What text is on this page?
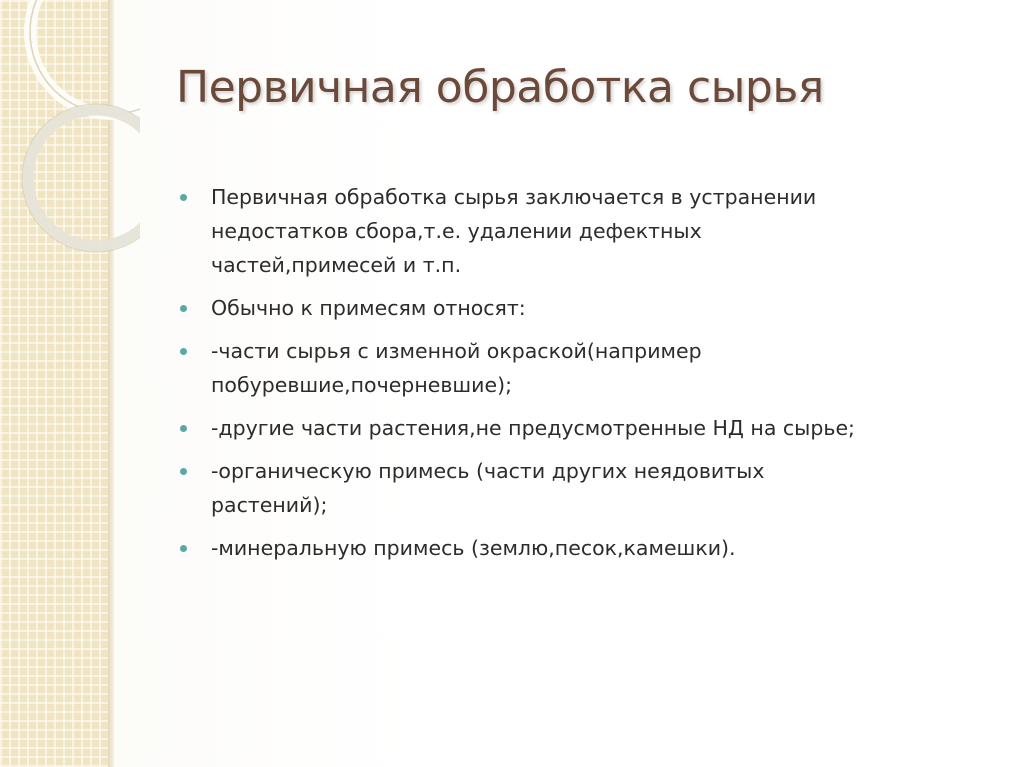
Первичная обработка сырья
Первичная обработка сырья заключается в устранении недостатков сбора,т.е. удалении дефектных частей,примесей и т.п.
Обычно к примесям относят:
-части сырья с изменной окраской(например побуревшие,почерневшие);
-другие части растения,не предусмотренные НД на сырье;
-органическую примесь (части других неядовитых растений);
-минеральную примесь (землю,песок,камешки).
